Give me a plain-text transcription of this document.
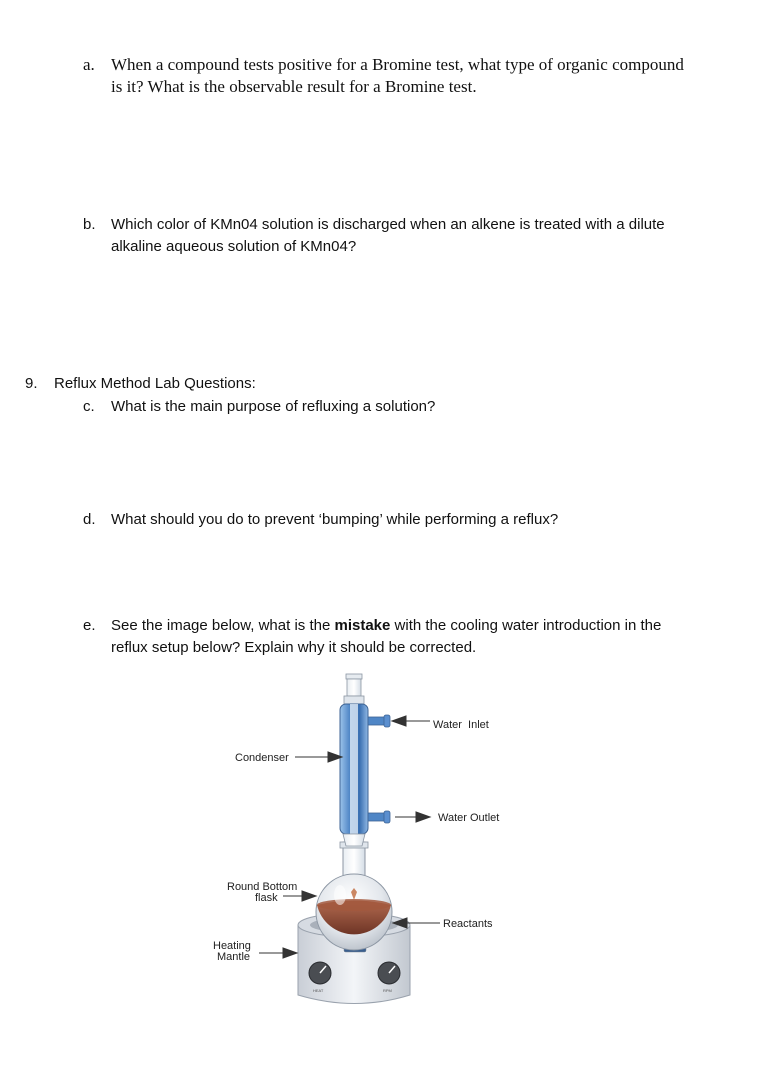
a. When a compound tests positive for a Bromine test, what type of organic compound
is it? What is the observable result for a Bromine test.
b. Which color of KMn04 solution is discharged when an alkene is treated with a dilute
alkaline aqueous solution of KMn04?
9. Reflux Method Lab Questions:
c. What is the main purpose of refluxing a solution?
d. What should you do to prevent ‘bumping’ while performing a reflux?
e. See the image below, what is the mistake with the cooling water introduction in the
reflux setup below? Explain why it should be corrected.
HEAT	RPM
Water  Inlet
Condenser
Water Outlet
Round Bottom
flask
Reactants
Heating
Mantle
